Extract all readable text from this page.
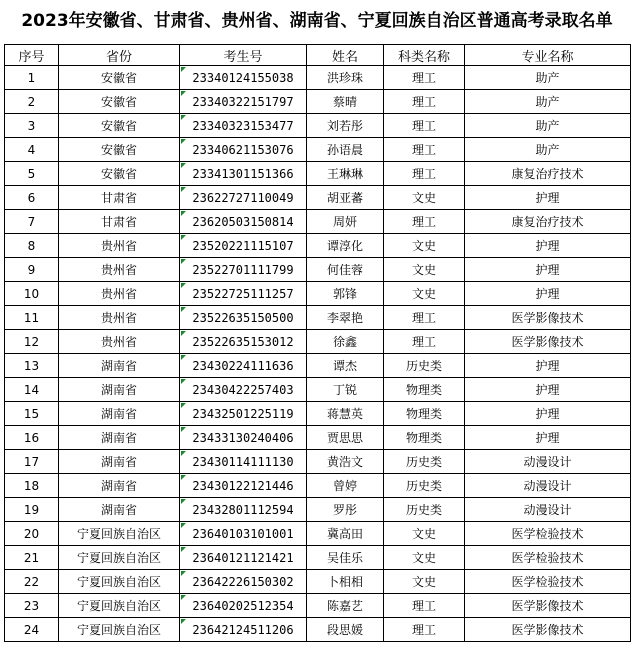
2023年安徽省、甘肃省、贵州省、湖南省、宁夏回族自治区普通高考录取名单
序号	省份	考生号	姓名	科类名称	专业名称
1	安徽省	23340124155038	洪珍珠	理工	助产
2	安徽省	23340322151797	蔡晴	理工	助产
3	安徽省	23340323153477	刘若彤	理工	助产
4	安徽省	23340621153076	孙语晨	理工	助产
5	安徽省	23341301151366	王琳琳	理工	康复治疗技术
6	甘肃省	23622727110049	胡亚蕃	文史	护理
7	甘肃省	23620503150814	周妍	理工	康复治疗技术
8	贵州省	23520221115107	谭淳化	文史	护理
9	贵州省	23522701111799	何佳蓉	文史	护理
10	贵州省	23522725111257	郭锋	文史	护理
11	贵州省	23522635150500	李翠艳	理工	医学影像技术
12	贵州省	23522635153012	徐鑫	理工	医学影像技术
13	湖南省	23430224111636	谭杰	历史类	护理
14	湖南省	23430422257403	丁锐	物理类	护理
15	湖南省	23432501225119	蒋慧英	物理类	护理
16	湖南省	23433130240406	贾思思	物理类	护理
17	湖南省	23430114111130	黄浩文	历史类	动漫设计
18	湖南省	23430122121446	曾婷	历史类	动漫设计
19	湖南省	23432801112594	罗彤	历史类	动漫设计
20	宁夏回族自治区	23640103101001	冀高田	文史	医学检验技术
21	宁夏回族自治区	23640121121421	吴佳乐	文史	医学检验技术
22	宁夏回族自治区	23642226150302	卜相相	文史	医学检验技术
23	宁夏回族自治区	23640202512354	陈嘉艺	理工	医学影像技术
24	宁夏回族自治区	23642124511206	段思媛	理工	医学影像技术
